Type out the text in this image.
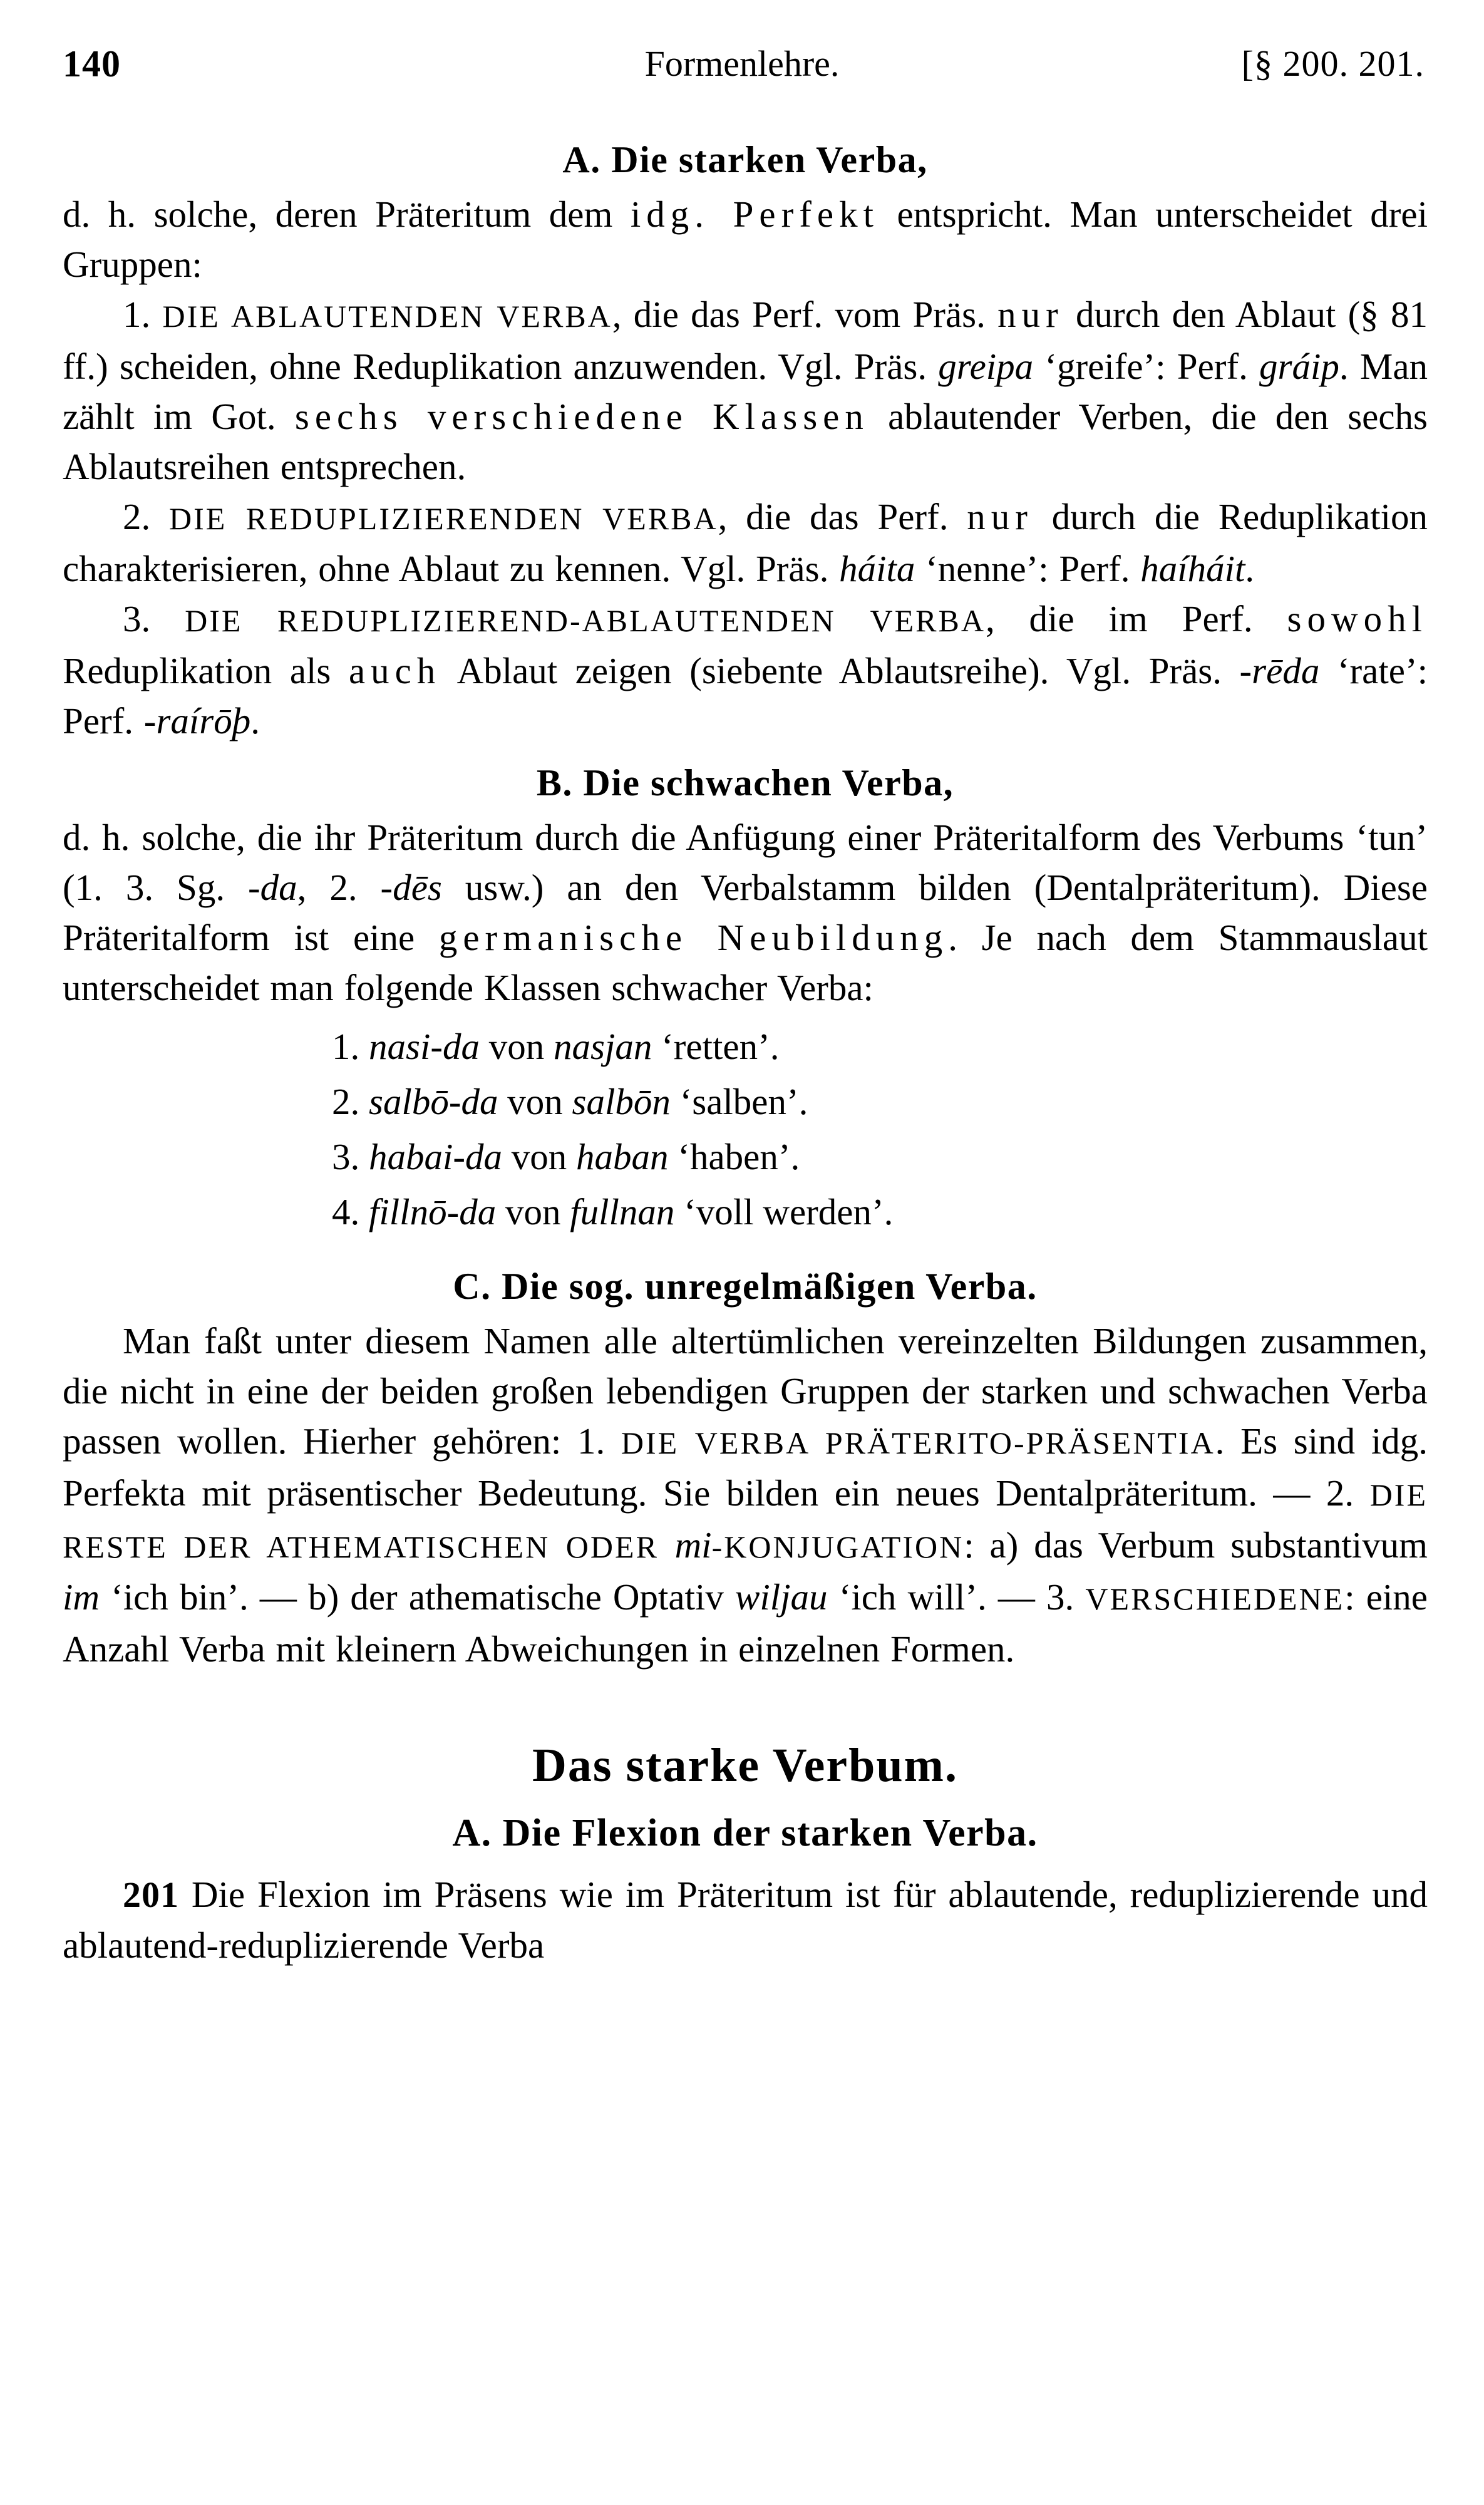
140	Formenlehre.	[§ 200. 201.

A. Die starken Verba,

d. h. solche, deren Präteritum dem idg. Perfekt entspricht. Man unterscheidet drei Gruppen:

1. DIE ABLAUTENDEN VERBA, die das Perf. vom Präs. nur durch den Ablaut (§ 81 ff.) scheiden, ohne Reduplikation anzuwenden. Vgl. Präs. greipa ‘greife’: Perf. gráip. Man zählt im Got. sechs verschiedene Klassen ablautender Verben, die den sechs Ablautsreihen entsprechen.

2. DIE REDUPLIZIERENDEN VERBA, die das Perf. nur durch die Reduplikation charakterisieren, ohne Ablaut zu kennen. Vgl. Präs. háita ‘nenne’: Perf. haíháit.

3. DIE REDUPLIZIEREND-ABLAUTENDEN VERBA, die im Perf. sowohl Reduplikation als auch Ablaut zeigen (siebente Ablautsreihe). Vgl. Präs. -rēda ‘rate’: Perf. -raírōþ.

B. Die schwachen Verba,

d. h. solche, die ihr Präteritum durch die Anfügung einer Präteritalform des Verbums ‘tun’ (1. 3. Sg. -da, 2. -dēs usw.) an den Verbalstamm bilden (Dentalpräteritum). Diese Präteritalform ist eine germanische Neubildung. Je nach dem Stammauslaut unterscheidet man folgende Klassen schwacher Verba:

1. nasi-da von nasjan ‘retten’.
2. salbō-da von salbōn ‘salben’.
3. habai-da von haban ‘haben’.
4. fillnō-da von fullnan ‘voll werden’.

C. Die sog. unregelmäßigen Verba.

Man faßt unter diesem Namen alle altertümlichen vereinzelten Bildungen zusammen, die nicht in eine der beiden großen lebendigen Gruppen der starken und schwachen Verba passen wollen. Hierher gehören: 1. DIE VERBA PRÄTERITO-PRÄSENTIA. Es sind idg. Perfekta mit präsentischer Bedeutung. Sie bilden ein neues Dentalpräteritum. — 2. DIE RESTE DER ATHEMATISCHEN ODER mi-KONJUGATION: a) das Verbum substantivum im ‘ich bin’. — b) der athematische Optativ wiljau ‘ich will’. — 3. VERSCHIEDENE: eine Anzahl Verba mit kleinern Abweichungen in einzelnen Formen.

Das starke Verbum.

A. Die Flexion der starken Verba.

201 Die Flexion im Präsens wie im Präteritum ist für ablautende, reduplizierende und ablautend-reduplizierende Verba
